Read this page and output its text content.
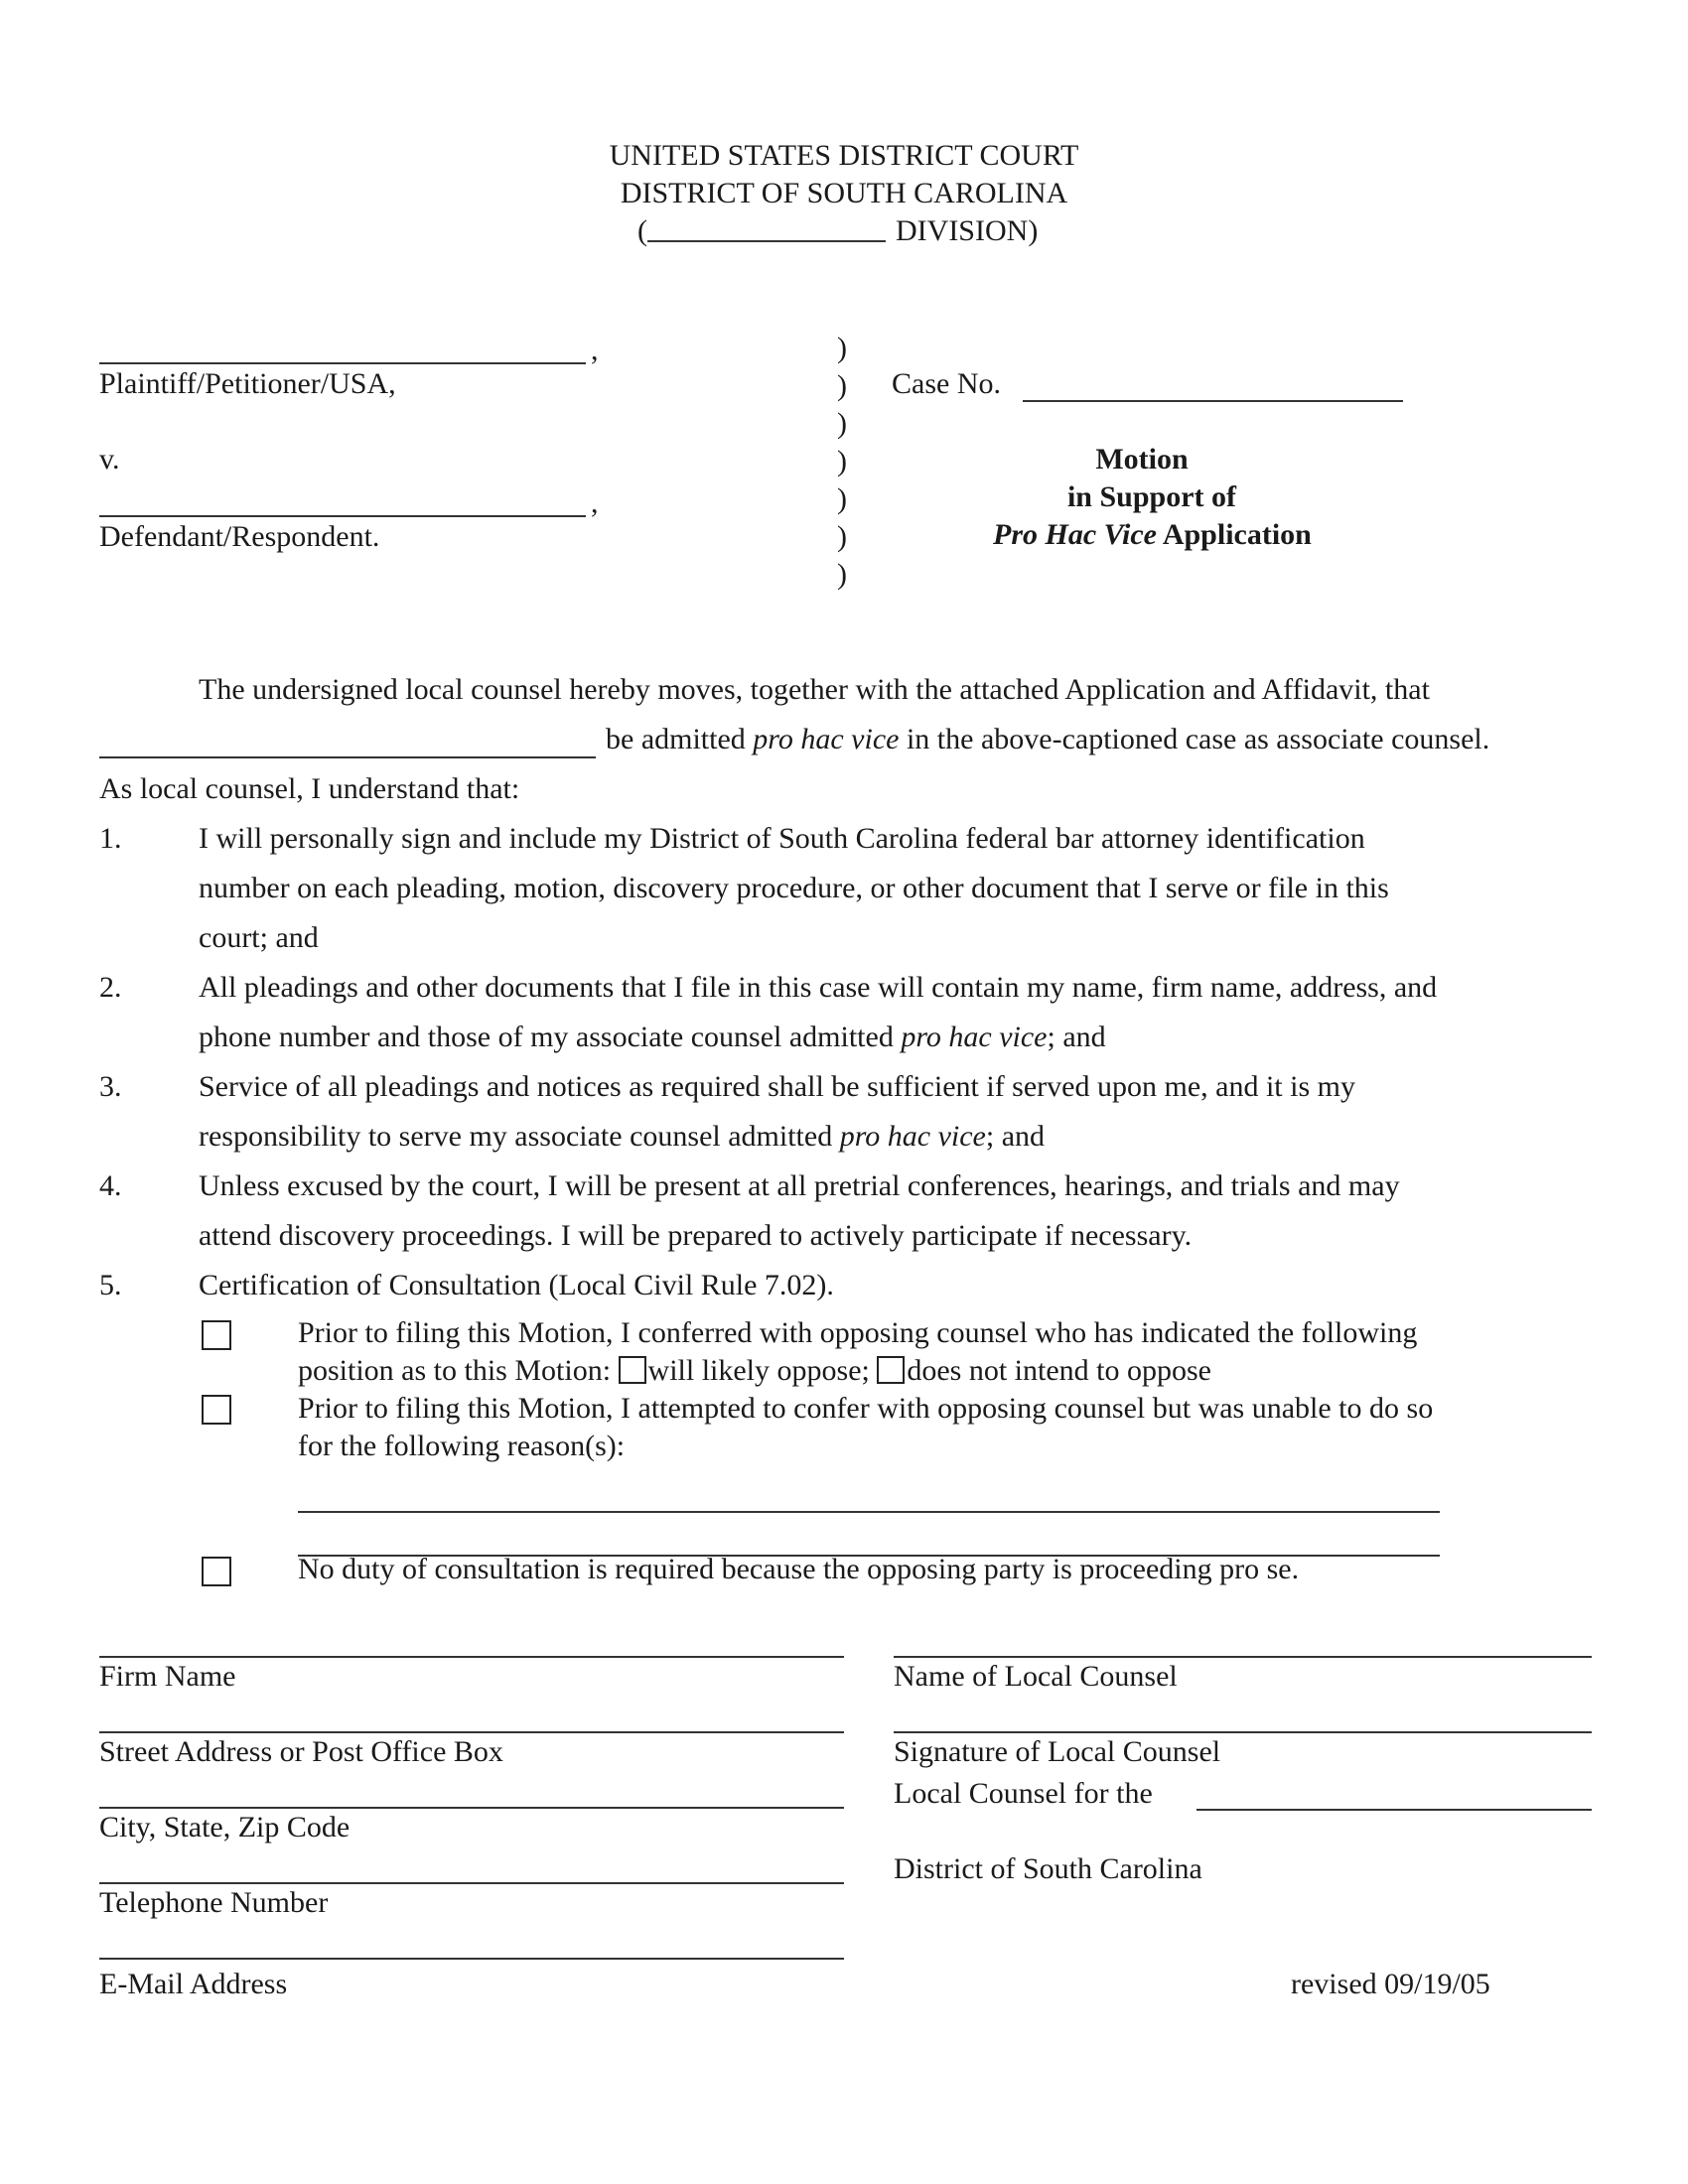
UNITED STATES DISTRICT COURT
DISTRICT OF SOUTH CAROLINA
(	DIVISION)
,
Plaintiff/Petitioner/USA,
v.
,
Defendant/Respondent.
)
)
)
)
)
)
)
Case No.
Motion
in Support of
Pro Hac Vice Application
The undersigned local counsel hereby moves, together with the attached Application and Affidavit, that
be admitted pro hac vice in the above-captioned case as associate counsel.
As local counsel, I understand that:
1.	I will personally sign and include my District of South Carolina federal bar attorney identification
number on each pleading, motion, discovery procedure, or other document that I serve or file in this
court; and
2.	All pleadings and other documents that I file in this case will contain my name, firm name, address, and
phone number and those of my associate counsel admitted pro hac vice; and
3.	Service of all pleadings and notices as required shall be sufficient if served upon me, and it is my
responsibility to serve my associate counsel admitted pro hac vice; and
4.	Unless excused by the court, I will be present at all pretrial conferences, hearings, and trials and may
attend discovery proceedings. I will be prepared to actively participate if necessary.
5.	Certification of Consultation (Local Civil Rule 7.02).
Prior to filing this Motion, I conferred with opposing counsel who has indicated the following
position as to this Motion: will likely oppose; does not intend to oppose
Prior to filing this Motion, I attempted to confer with opposing counsel but was unable to do so
for the following reason(s):
No duty of consultation is required because the opposing party is proceeding pro se.
Firm Name
Street Address or Post Office Box
City, State, Zip Code
Telephone Number
E-Mail Address
Name of Local Counsel
Signature of Local Counsel
Local Counsel for the
District of South Carolina
revised 09/19/05
